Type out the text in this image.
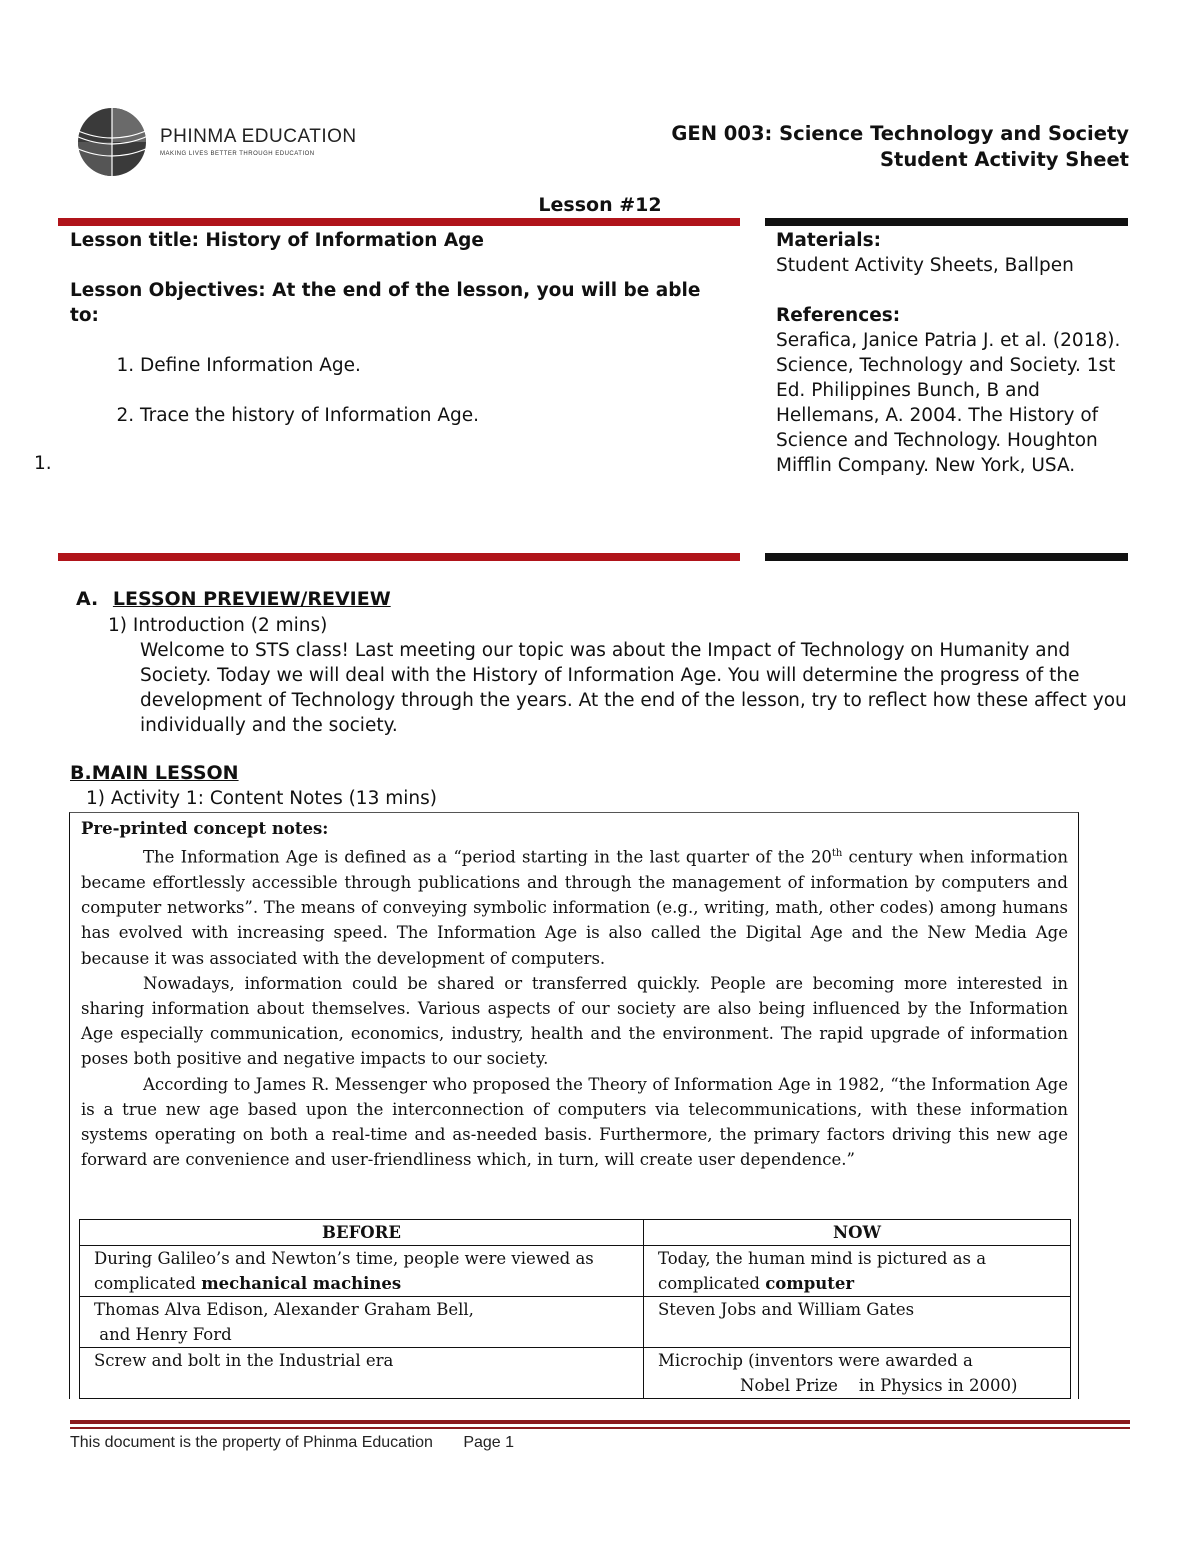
PHINMA EDUCATION
MAKING LIVES BETTER THROUGH EDUCATION
GEN 003: Science Technology and Society
Student Activity Sheet
Lesson #12
Lesson title: History of Information Age
Lesson Objectives: At the end of the lesson, you will be able to:
1. Define Information Age.
2. Trace the history of Information Age.
1.
Materials:
Student Activity Sheets, Ballpen
References:
Serafica, Janice Patria J. et al. (2018). Science, Technology and Society. 1st Ed. Philippines Bunch, B and Hellemans, A. 2004. The History of Science and Technology. Houghton Mifflin Company. New York, USA.
A. LESSON PREVIEW/REVIEW
1) Introduction (2 mins)
Welcome to STS class! Last meeting our topic was about the Impact of Technology on Humanity and Society. Today we will deal with the History of Information Age. You will determine the progress of the development of Technology through the years. At the end of the lesson, try to reflect how these affect you individually and the society.
B.MAIN LESSON
1) Activity 1: Content Notes (13 mins)

Pre-printed concept notes:

The Information Age is defined as a “period starting in the last quarter of the 20th century when information became effortlessly accessible through publications and through the management of information by computers and computer networks”. The means of conveying symbolic information (e.g., writing, math, other codes) among humans has evolved with increasing speed. The Information Age is also called the Digital Age and the New Media Age because it was associated with the development of computers.

Nowadays, information could be shared or transferred quickly. People are becoming more interested in sharing information about themselves. Various aspects of our society are also being influenced by the Information Age especially communication, economics, industry, health and the environment. The rapid upgrade of information poses both positive and negative impacts to our society.

According to James R. Messenger who proposed the Theory of Information Age in 1982, “the Information Age is a true new age based upon the interconnection of computers via telecommunications, with these information systems operating on both a real-time and as-needed basis. Furthermore, the primary factors driving this new age forward are convenience and user-friendliness which, in turn, will create user dependence.”

BEFORE	NOW
During Galileo’s and Newton’s time, people were viewed as complicated mechanical machines	Today, the human mind is pictured as a complicated computer

Thomas Alva Edison, Alexander Graham Bell,
and Henry Ford	Steven Jobs and William Gates
Screw and bolt in the Industrial era	Microchip (inventors were awarded a
Nobel Prize    in Physics in 2000)
This document is the property of Phinma Education Page 1
